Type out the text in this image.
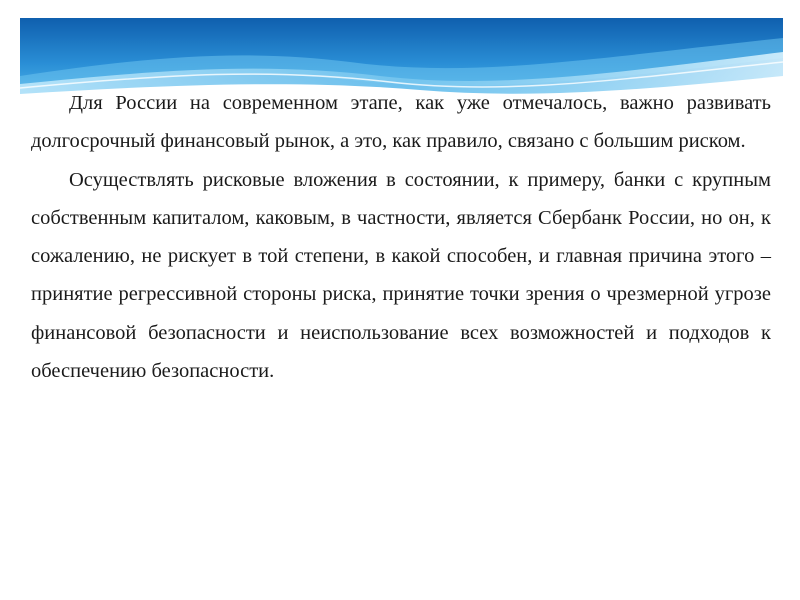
Для России на современном этапе, как уже отмечалось, важно развивать долгосрочный финансовый рынок, а это, как правило, связано с большим риском.

Осуществлять рисковые вложения в состоянии, к примеру, банки с крупным собственным капиталом, каковым, в частности, является Сбербанк России, но он, к сожалению, не рискует в той степени, в какой способен, и главная причина этого –принятие регрессивной стороны риска, принятие точки зрения о чрезмерной угрозе финансовой безопасности и неиспользование всех возможностей и подходов к обеспечению безопасности.
